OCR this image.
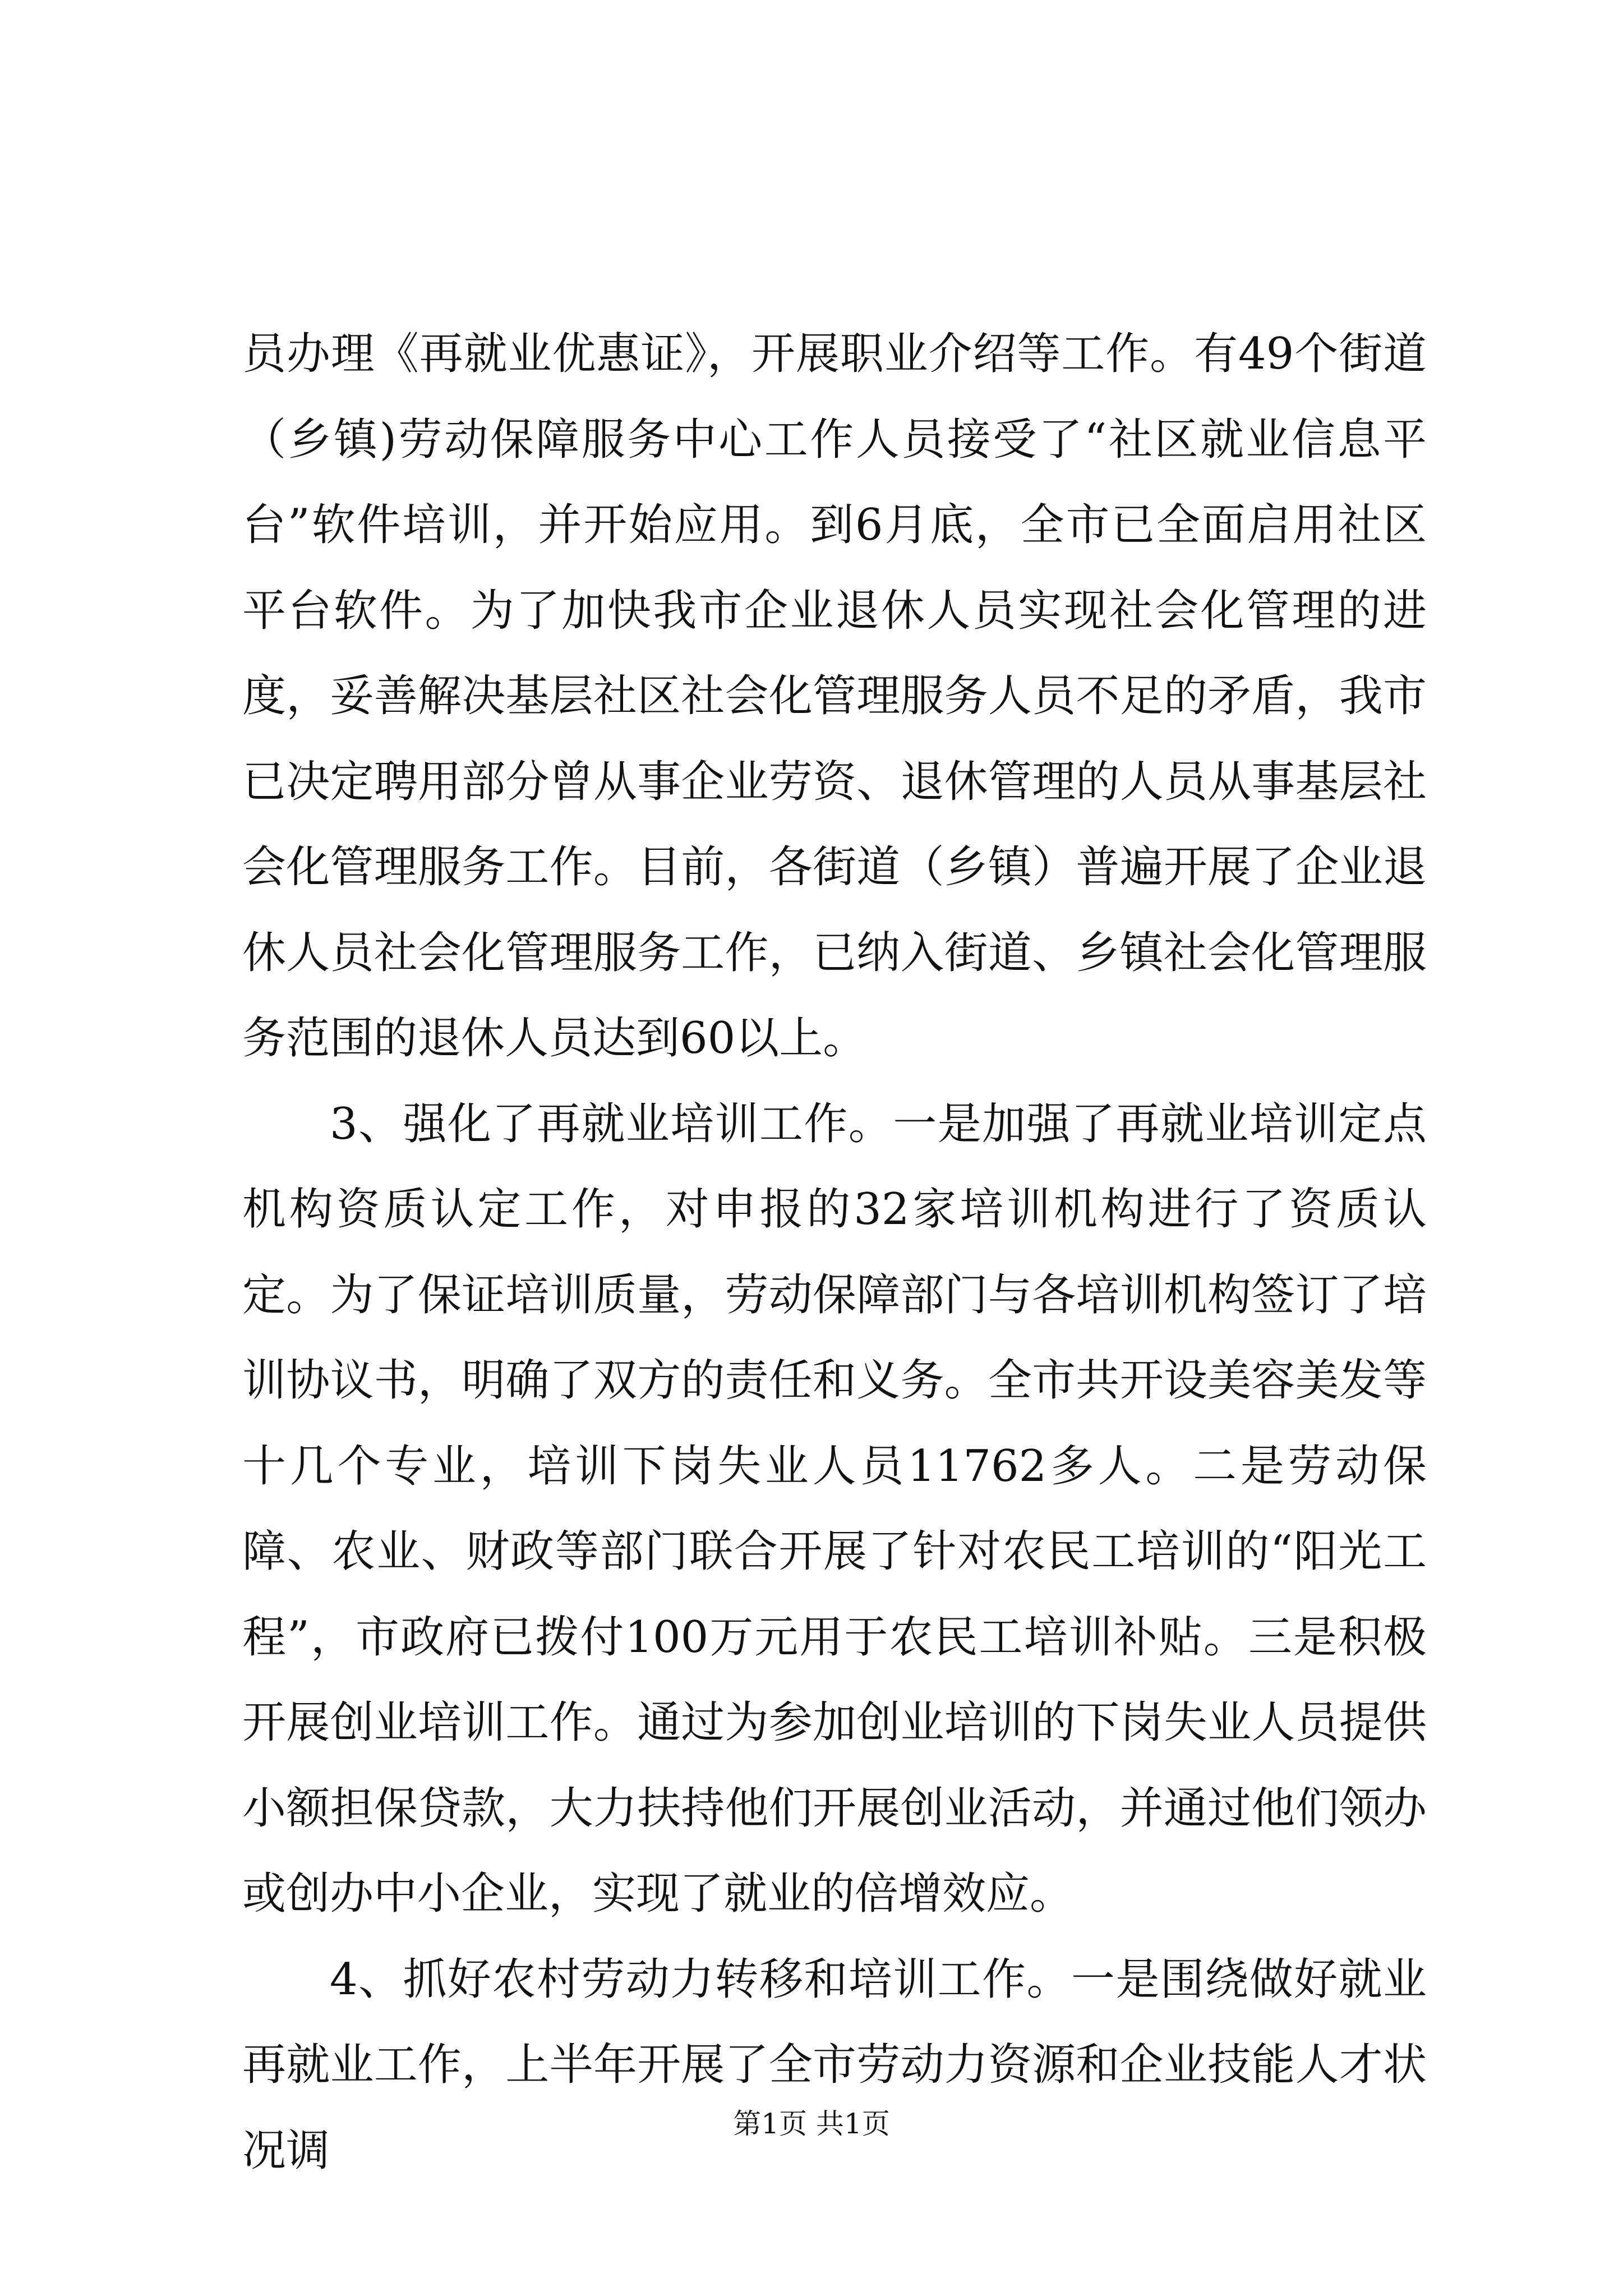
员办理《再就业优惠证》，开展职业介绍等工作。有49个街道（乡镇)劳动保障服务中心工作人员接受了“社区就业信息平台”软件培训，并开始应用。到6月底，全市已全面启用社区平台软件。为了加快我市企业退休人员实现社会化管理的进度，妥善解决基层社区社会化管理服务人员不足的矛盾，我市已决定聘用部分曾从事企业劳资、退休管理的人员从事基层社会化管理服务工作。目前，各街道（乡镇）普遍开展了企业退休人员社会化管理服务工作，已纳入街道、乡镇社会化管理服务范围的退休人员达到60以上。

3、强化了再就业培训工作。一是加强了再就业培训定点机构资质认定工作，对申报的32家培训机构进行了资质认定。为了保证培训质量，劳动保障部门与各培训机构签订了培训协议书，明确了双方的责任和义务。全市共开设美容美发等十几个专业，培训下岗失业人员11762多人。二是劳动保障、农业、财政等部门联合开展了针对农民工培训的“阳光工程”，市政府已拨付100万元用于农民工培训补贴。三是积极开展创业培训工作。通过为参加创业培训的下岗失业人员提供小额担保贷款，大力扶持他们开展创业活动，并通过他们领办或创办中小企业，实现了就业的倍增效应。

4、抓好农村劳动力转移和培训工作。一是围绕做好就业再就业工作，上半年开展了全市劳动力资源和企业技能人才状况调

第1页 共1页
